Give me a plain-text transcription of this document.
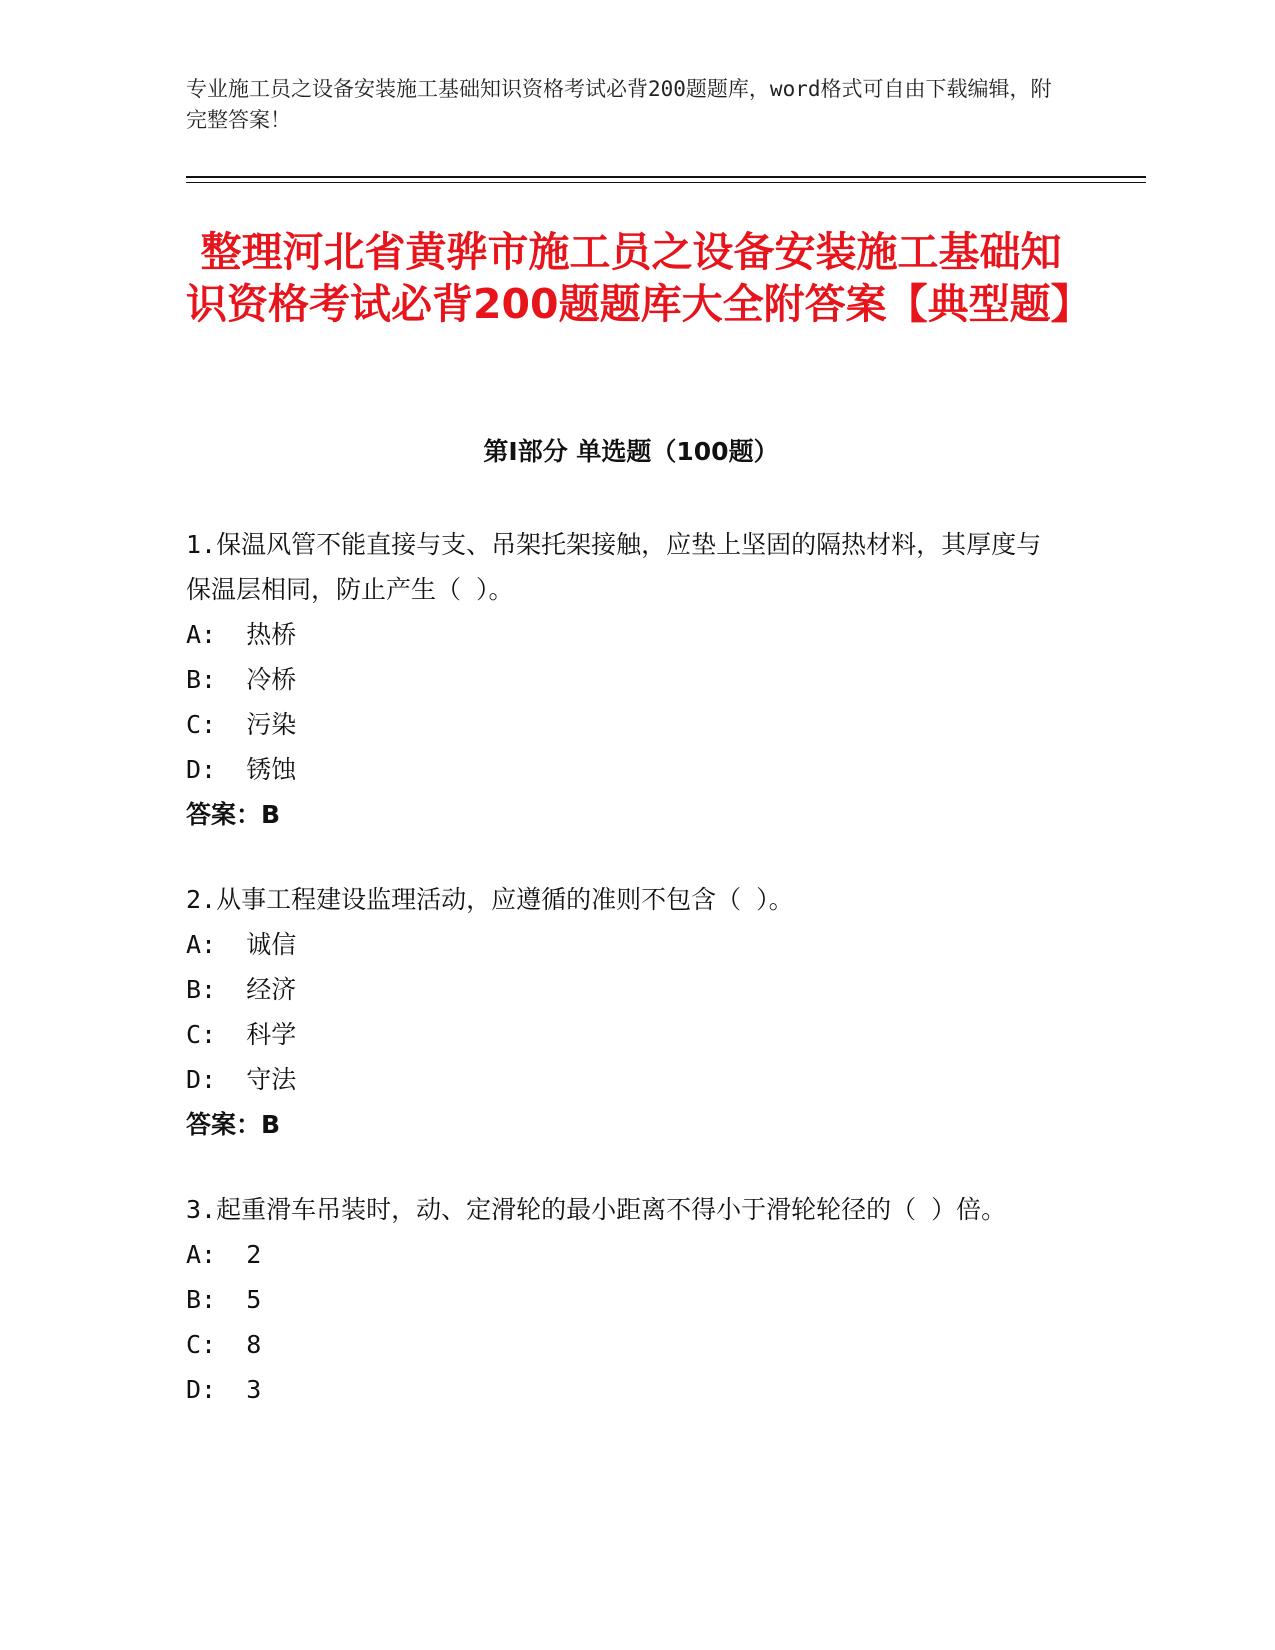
专业施工员之设备安装施工基础知识资格考试必背200题题库，word格式可自由下载编辑，附完整答案！
整理河北省黄骅市施工员之设备安装施工基础知识资格考试必背200题题库大全附答案【典型题】
第Ⅰ部分 单选题（100题）
1.保温风管不能直接与支、吊架托架接触，应垫上坚固的隔热材料，其厚度与保温层相同，防止产生（ ）。
A:  热桥
B:  冷桥
C:  污染
D:  锈蚀
答案：B
2.从事工程建设监理活动，应遵循的准则不包含（ ）。
A:  诚信
B:  经济
C:  科学
D:  守法
答案：B
3.起重滑车吊装时，动、定滑轮的最小距离不得小于滑轮轮径的（ ）倍。
A:  2
B:  5
C:  8
D:  3
